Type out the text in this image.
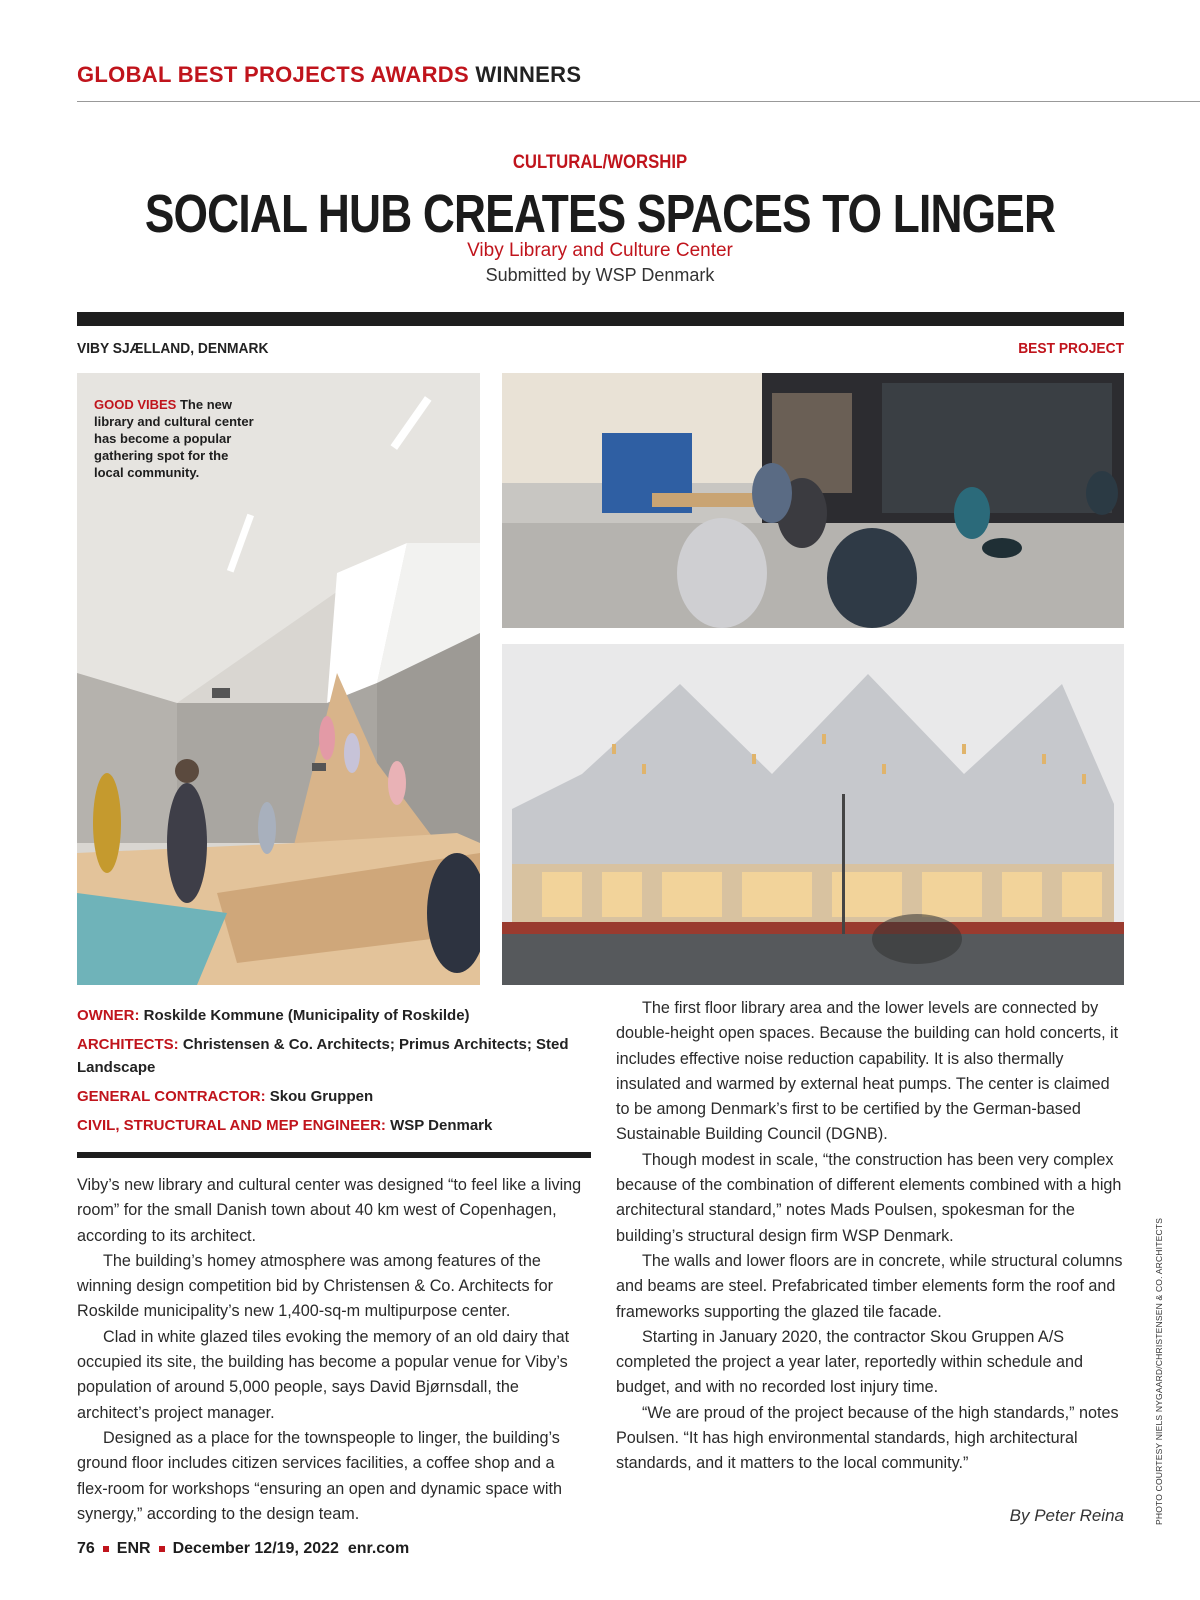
GLOBAL BEST PROJECTS AWARDS WINNERS
CULTURAL/WORSHIP
SOCIAL HUB CREATES SPACES TO LINGER
Viby Library and Culture Center
Submitted by WSP Denmark
VIBY SJÆLLAND, DENMARK	BEST PROJECT
GOOD VIBES The new library and cultural center has become a popular gathering spot for the local community.
OWNER: Roskilde Kommune (Municipality of Roskilde)
ARCHITECTS: Christensen & Co. Architects; Primus Architects; Sted Landscape
GENERAL CONTRACTOR: Skou Gruppen
CIVIL, STRUCTURAL AND MEP ENGINEER: WSP Denmark

Viby’s new library and cultural center was designed “to feel like a living room” for the small Danish town about 40 km west of Copenhagen, according to its architect.

The building’s homey atmosphere was among features of the winning design competition bid by Christensen & Co. Architects for Roskilde municipality’s new 1,400-sq-m multipurpose center.

Clad in white glazed tiles evoking the memory of an old dairy that occupied its site, the building has become a popular venue for Viby’s population of around 5,000 people, says David Bjørnsdall, the architect’s project manager.

Designed as a place for the townspeople to linger, the building’s ground floor includes citizen services facilities, a coffee shop and a flex-room for workshops “ensuring an open and dynamic space with synergy,” according to the design team.

The first floor library area and the lower levels are connected by double-height open spaces. Because the building can hold concerts, it includes effective noise reduction capability. It is also thermally insulated and warmed by external heat pumps. The center is claimed to be among Denmark’s first to be certified by the German-based Sustainable Building Council (DGNB).

Though modest in scale, “the construction has been very complex because of the combination of different elements combined with a high architectural standard,” notes Mads Poulsen, spokesman for the building’s structural design firm WSP Denmark.

The walls and lower floors are in concrete, while structural columns and beams are steel. Prefabricated timber elements form the roof and frameworks supporting the glazed tile facade.

Starting in January 2020, the contractor Skou Gruppen A/S completed the project a year later, reportedly within schedule and budget, and with no recorded lost injury time.

“We are proud of the project because of the high standards,” notes Poulsen. “It has high environmental standards, high architectural standards, and it matters to the local community.”

By Peter Reina	PHOTO COURTESY NIELS NYGAARD/CHRISTENSEN & CO. ARCHITECTS
76 ENR December 12/19, 2022 enr.com
